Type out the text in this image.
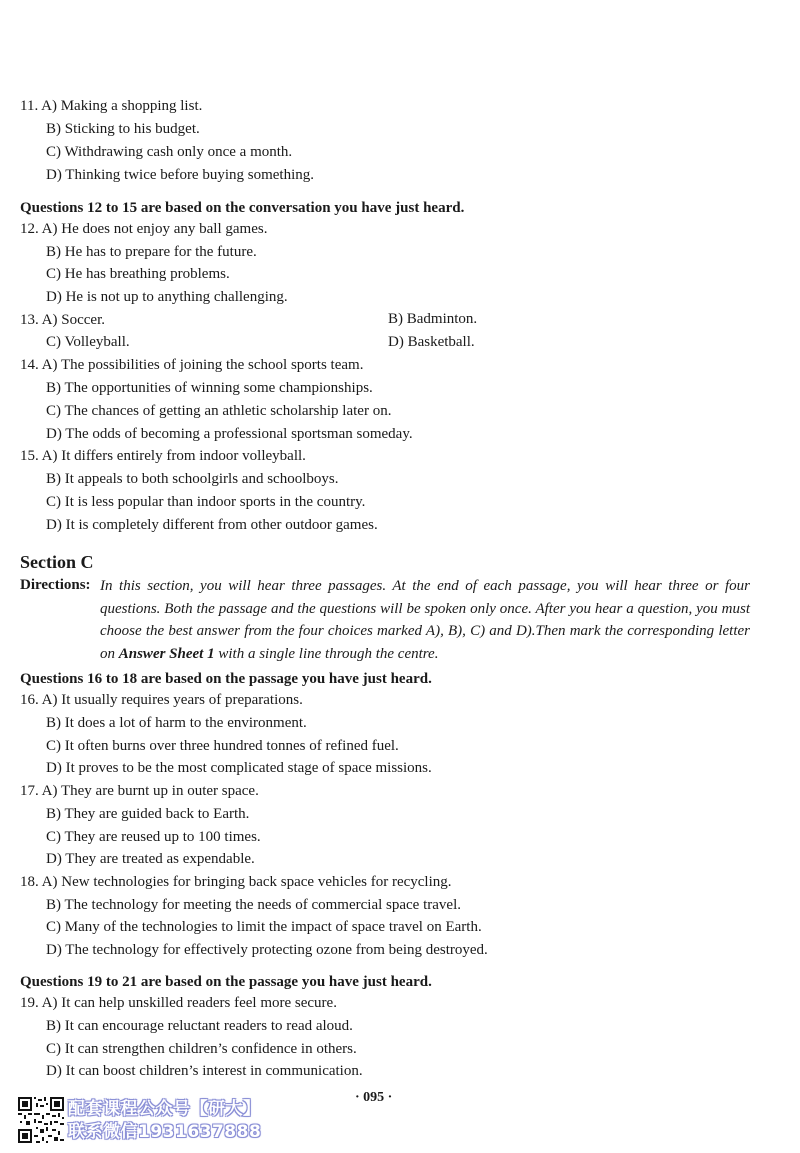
11. A) Making a shopping list.
B) Sticking to his budget.
C) Withdrawing cash only once a month.
D) Thinking twice before buying something.
Questions 12 to 15 are based on the conversation you have just heard.
12. A) He does not enjoy any ball games.
B) He has to prepare for the future.
C) He has breathing problems.
D) He is not up to anything challenging.
13. A) Soccer.	B) Badminton.
C) Volleyball.	D) Basketball.
14. A) The possibilities of joining the school sports team.
B) The opportunities of winning some championships.
C) The chances of getting an athletic scholarship later on.
D) The odds of becoming a professional sportsman someday.
15. A) It differs entirely from indoor volleyball.
B) It appeals to both schoolgirls and schoolboys.
C) It is less popular than indoor sports in the country.
D) It is completely different from other outdoor games.
Section C
Directions: In this section, you will hear three passages. At the end of each passage, you will hear three or four questions. Both the passage and the questions will be spoken only once. After you hear a question, you must choose the best answer from the four choices marked A), B), C) and D).Then mark the corresponding letter on Answer Sheet 1 with a single line through the centre.
Questions 16 to 18 are based on the passage you have just heard.
16. A) It usually requires years of preparations.
B) It does a lot of harm to the environment.
C) It often burns over three hundred tonnes of refined fuel.
D) It proves to be the most complicated stage of space missions.
17. A) They are burnt up in outer space.
B) They are guided back to Earth.
C) They are reused up to 100 times.
D) They are treated as expendable.
18. A) New technologies for bringing back space vehicles for recycling.
B) The technology for meeting the needs of commercial space travel.
C) Many of the technologies to limit the impact of space travel on Earth.
D) The technology for effectively protecting ozone from being destroyed.
Questions 19 to 21 are based on the passage you have just heard.
19. A) It can help unskilled readers feel more secure.
B) It can encourage reluctant readers to read aloud.
C) It can strengthen children’s confidence in others.
D) It can boost children’s interest in communication.
· 095 ·
配套课程公众号【研大】
联系微信1931637888
